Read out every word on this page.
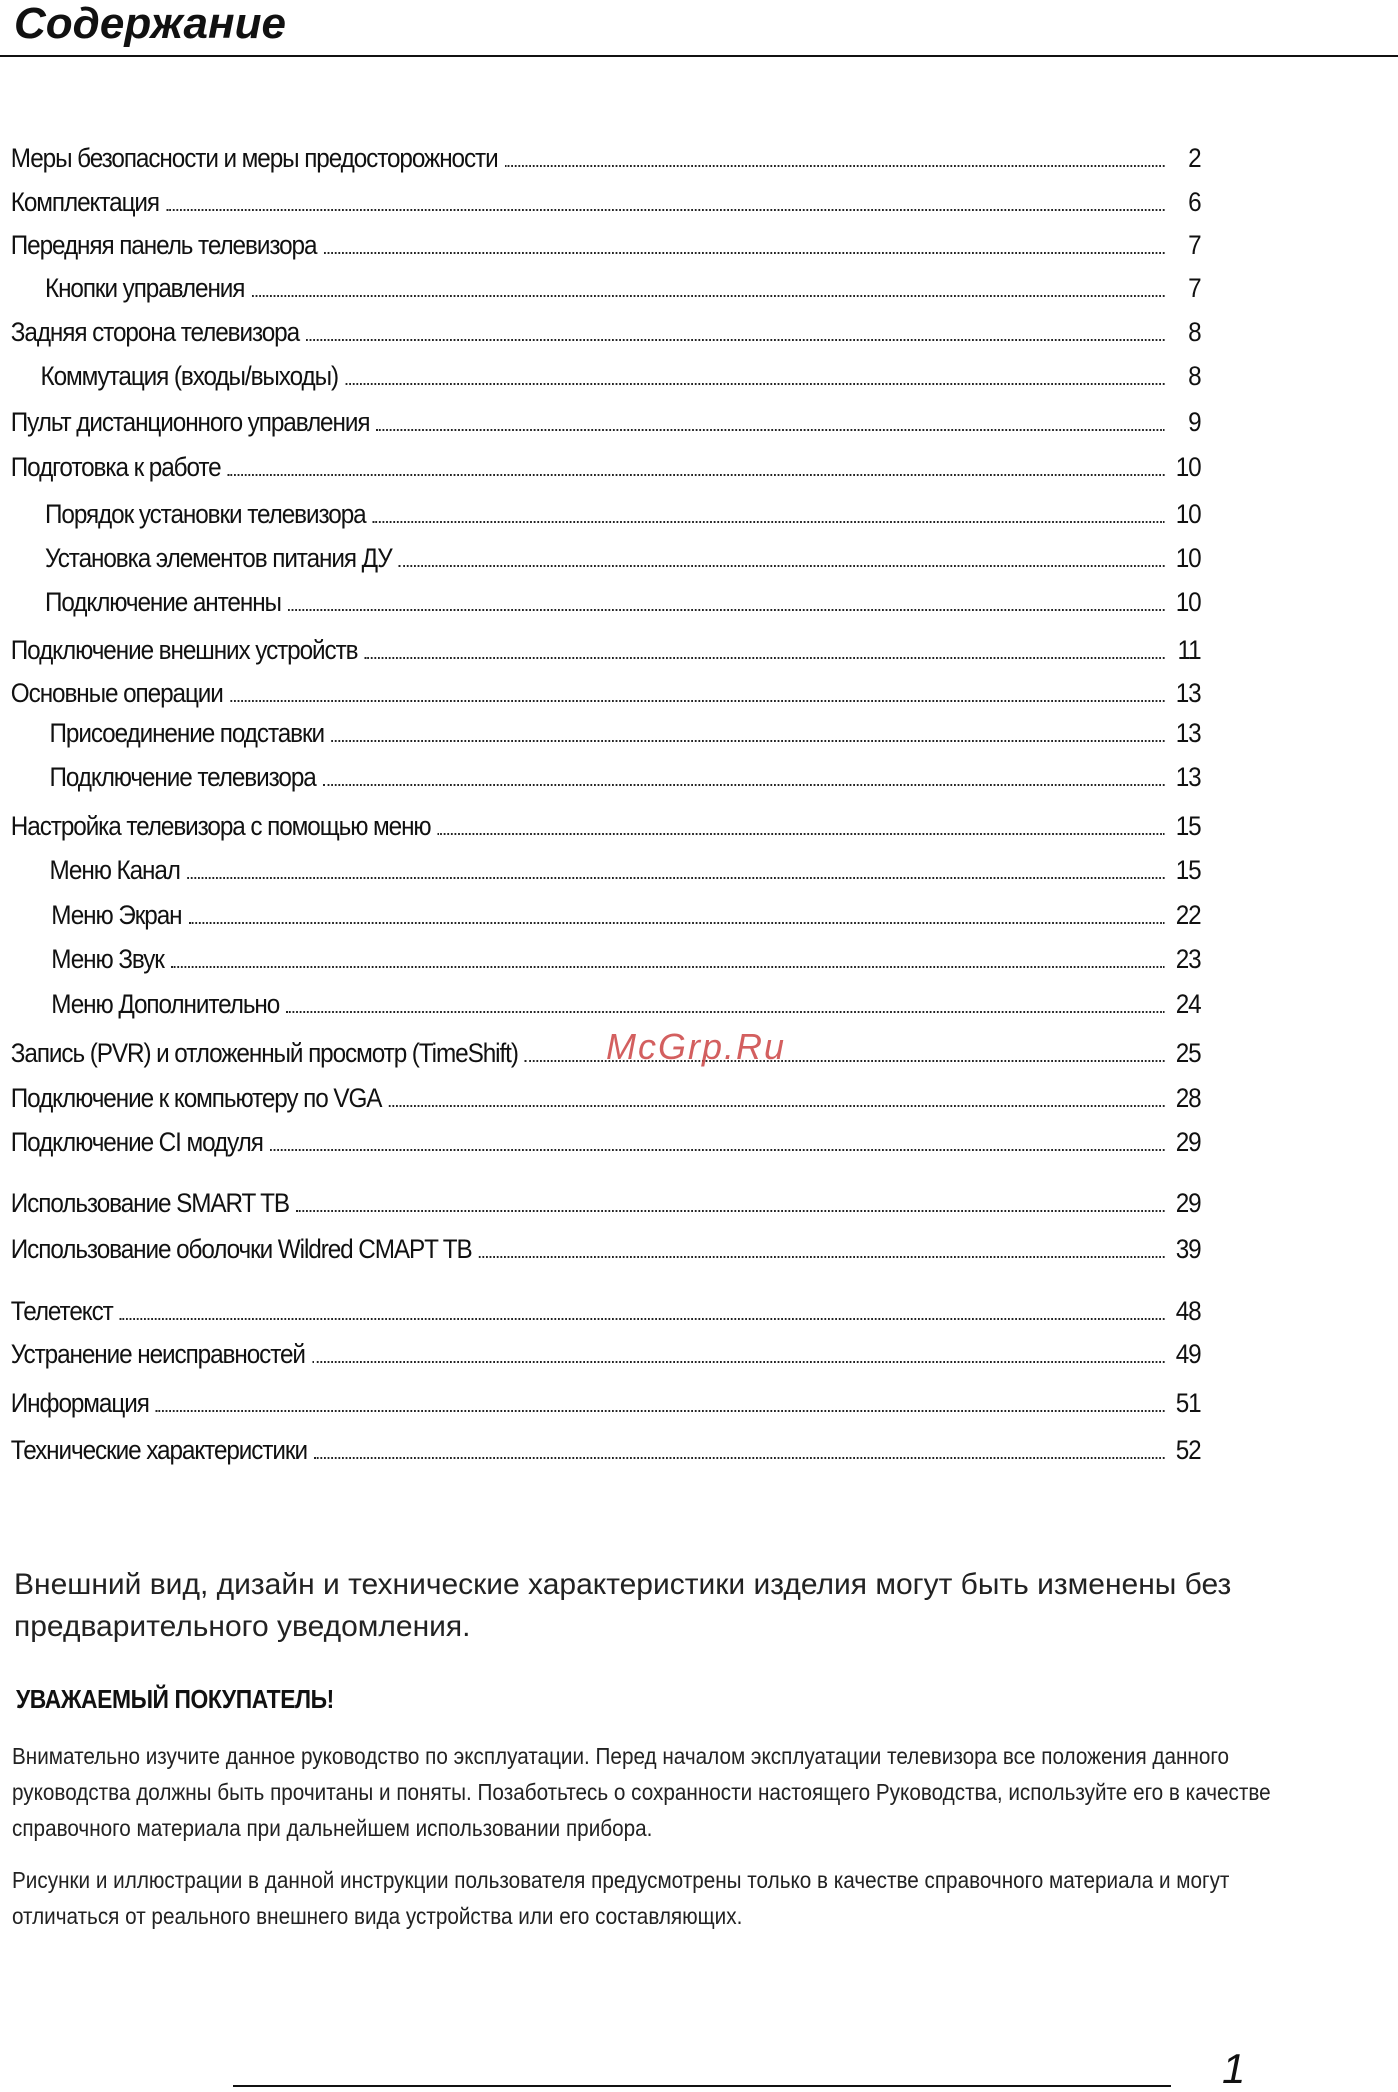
Содержание
Меры безопасности и меры предосторожности	2
Комплектация	6
Передняя панель телевизора	7
Кнопки управления	7
Задняя сторона телевизора	8
Коммутация (входы/выходы)	8
Пульт дистанционного управления	9
Подготовка к работе	10
Порядок установки телевизора	10
Установка элементов питания ДУ	10
Подключение антенны	10
Подключение внешних устройств	11
Основные операции	13
Присоединение подставки	13
Подключение телевизора	13
Настройка телевизора с помощью меню	15
Меню Канал	15
Меню Экран	22
Меню Звук	23
Меню Дополнительно	24
Запись (PVR) и отложенный просмотр (TimeShift)	25
Подключение к компьютеру по VGA	28
Подключение CI модуля	29
Использование SMART TB	29
Использование оболочки Wildred CMAPT TB	39
Телетекст	48
Устранение неисправностей	49
Информация	51
Технические характеристики	52
McGrp.Ru

Внешний вид, дизайн и технические характеристики изделия могут быть изменены без предварительного уведомления.

УВАЖАЕМЫЙ ПОКУПАТЕЛЬ!

Внимательно изучите данное руководство по эксплуатации. Перед началом эксплуатации телевизора все положения данного руководства должны быть прочитаны и поняты. Позаботьтесь о сохранности настоящего Руководства, используйте его в качестве справочного материала при дальнейшем использовании прибора.

Рисунки и иллюстрации в данной инструкции пользователя предусмотрены только в качестве справочного материала и могут отличаться от реального внешнего вида устройства или его составляющих.

1
